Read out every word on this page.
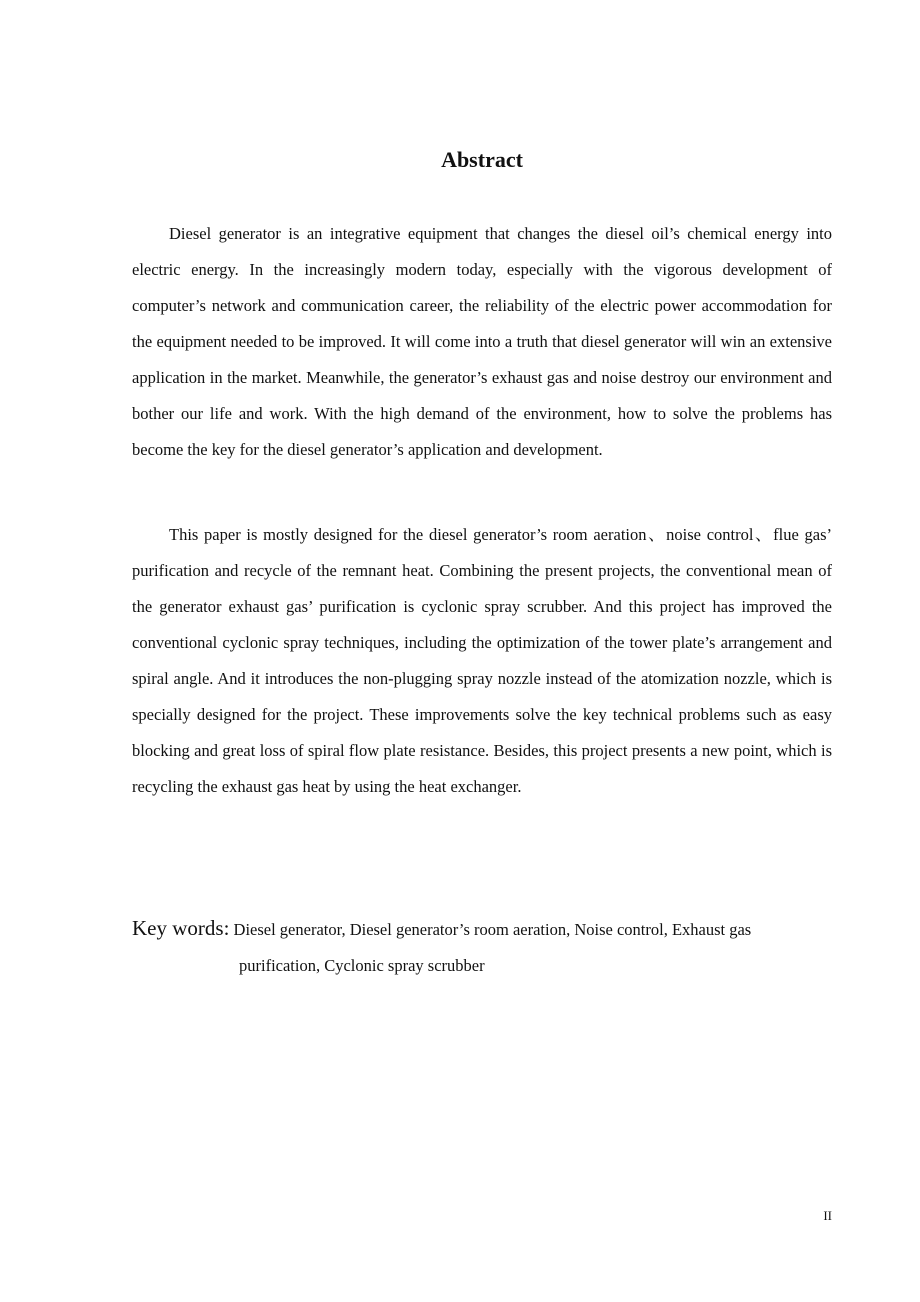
Abstract

Diesel generator is an integrative equipment that changes the diesel oil’s chemical energy into electric energy. In the increasingly modern today, especially with the vigorous development of computer’s network and communication career, the reliability of the electric power accommodation for the equipment needed to be improved. It will come into a truth that diesel generator will win an extensive application in the market. Meanwhile, the generator’s exhaust gas and noise destroy our environment and bother our life and work. With the high demand of the environment, how to solve the problems has become the key for the diesel generator’s application and development.

This paper is mostly designed for the diesel generator’s room aeration、noise control、flue gas’ purification and recycle of the remnant heat. Combining the present projects, the conventional mean of the generator exhaust gas’ purification is cyclonic spray scrubber. And this project has improved the conventional cyclonic spray techniques, including the optimization of the tower plate’s arrangement and spiral angle. And it introduces the non-plugging spray nozzle instead of the atomization nozzle, which is specially designed for the project. These improvements solve the key technical problems such as easy blocking and great loss of spiral flow plate resistance. Besides, this project presents a new point, which is recycling the exhaust gas heat by using the heat exchanger.

Key words: Diesel generator, Diesel generator’s room aeration, Noise control, Exhaust gas
purification, Cyclonic spray scrubber
II
